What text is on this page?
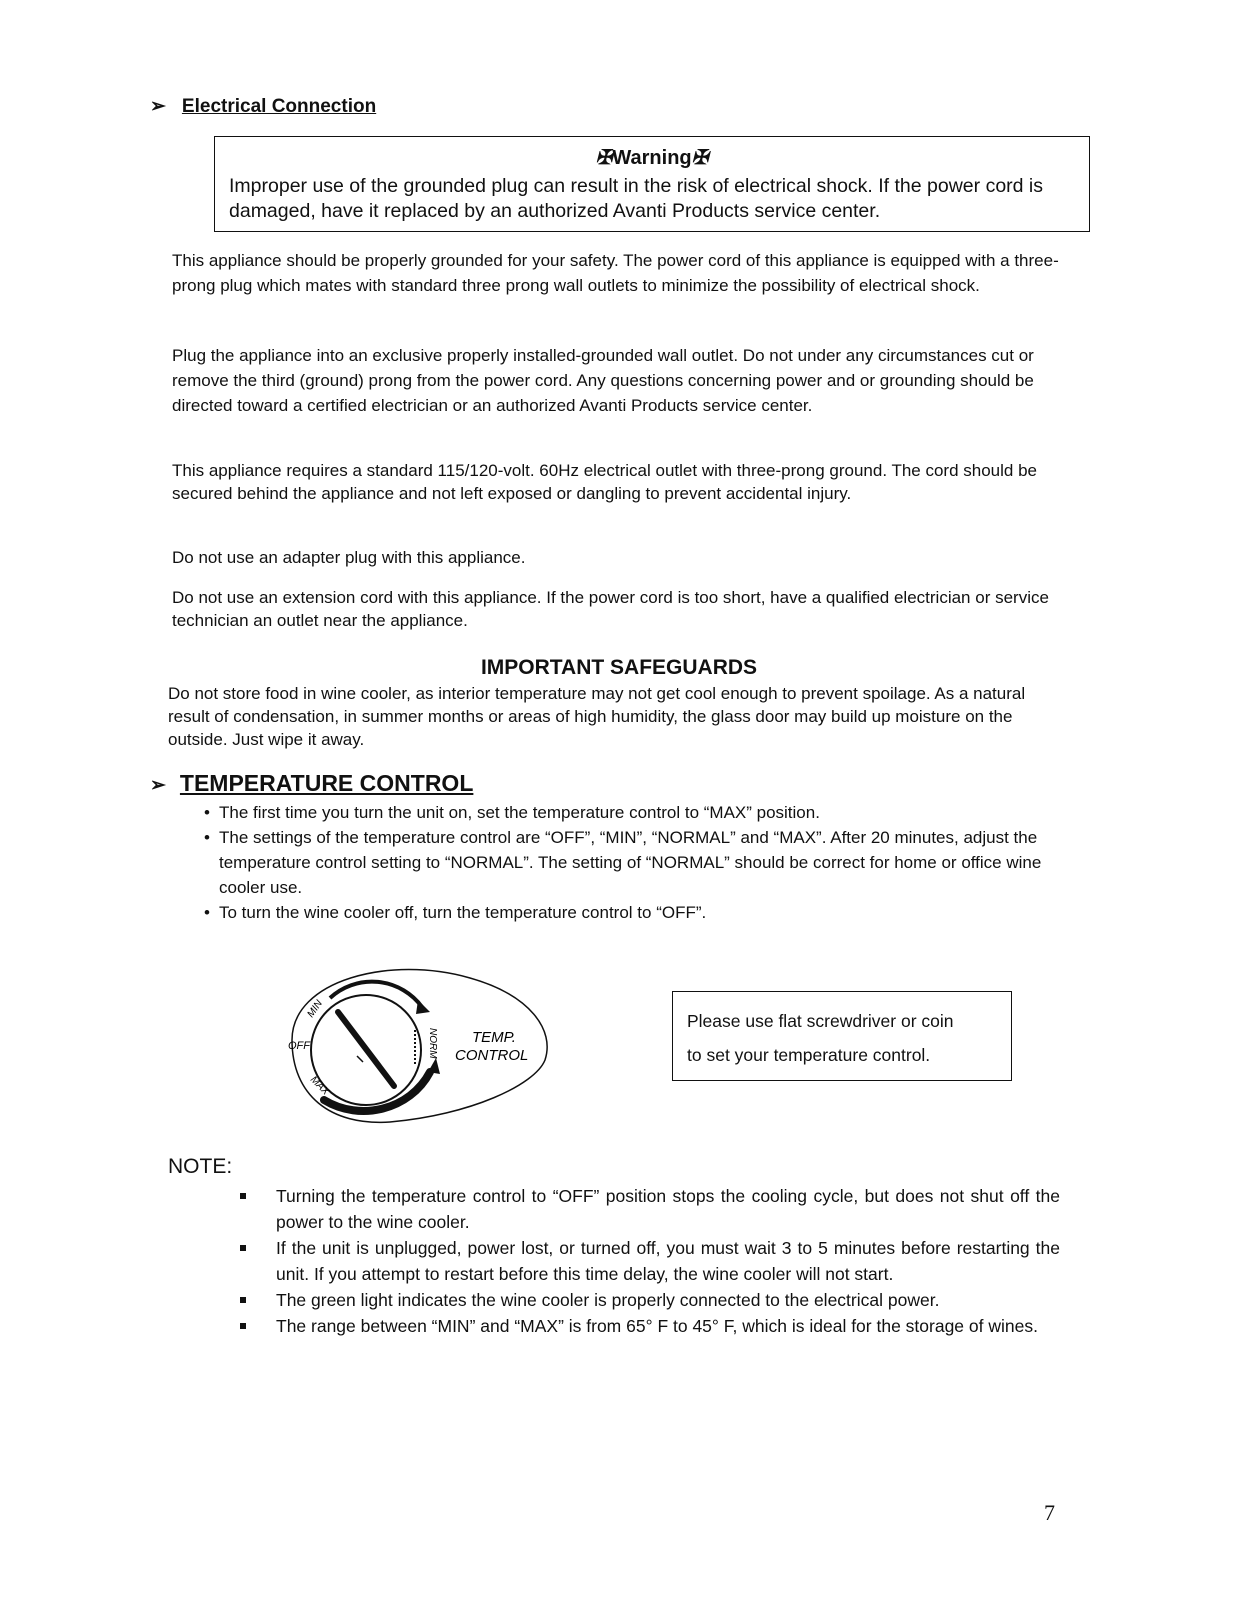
➢ Electrical Connection
✠Warning✠
Improper use of the grounded plug can result in the risk of electrical shock. If the power cord is damaged, have it replaced by an authorized Avanti Products service center.
This appliance should be properly grounded for your safety. The power cord of this appliance is equipped with a three-prong plug which mates with standard three prong wall outlets to minimize the possibility of electrical shock.
Plug the appliance into an exclusive properly installed-grounded wall outlet. Do not under any circumstances cut or remove the third (ground) prong from the power cord. Any questions concerning power and or grounding should be directed toward a certified electrician or an authorized Avanti Products service center.
This appliance requires a standard 115/120-volt. 60Hz electrical outlet with three-prong ground. The cord should be secured behind the appliance and not left exposed or dangling to prevent accidental injury.
Do not use an adapter plug with this appliance.
Do not use an extension cord with this appliance. If the power cord is too short, have a qualified electrician or service technician an outlet near the appliance.
IMPORTANT SAFEGUARDS
Do not store food in wine cooler, as interior temperature may not get cool enough to prevent spoilage. As a natural result of condensation, in summer months or areas of high humidity, the glass door may build up moisture on the outside. Just wipe it away.
➢ TEMPERATURE CONTROL

• The first time you turn the unit on, set the temperature control to “MAX” position.

• The settings of the temperature control are “OFF”, “MIN”, “NORMAL” and “MAX”. After 20 minutes, adjust the temperature control setting to “NORMAL”. The setting of “NORMAL” should be correct for home or office wine cooler use.

• To turn the wine cooler off, turn the temperature control to “OFF”.

OFF
MIN
MAX
NORM TEMP.
CONTROL
Please use flat screwdriver or coin
to set your temperature control.
NOTE:
Turning the temperature control to “OFF” position stops the cooling cycle, but does not shut off the power to the wine cooler.
If the unit is unplugged, power lost, or turned off, you must wait 3 to 5 minutes before restarting the unit. If you attempt to restart before this time delay, the wine cooler will not start.
The green light indicates the wine cooler is properly connected to the electrical power.
The range between “MIN” and “MAX” is from 65° F to 45° F, which is ideal for the storage of wines.
7
